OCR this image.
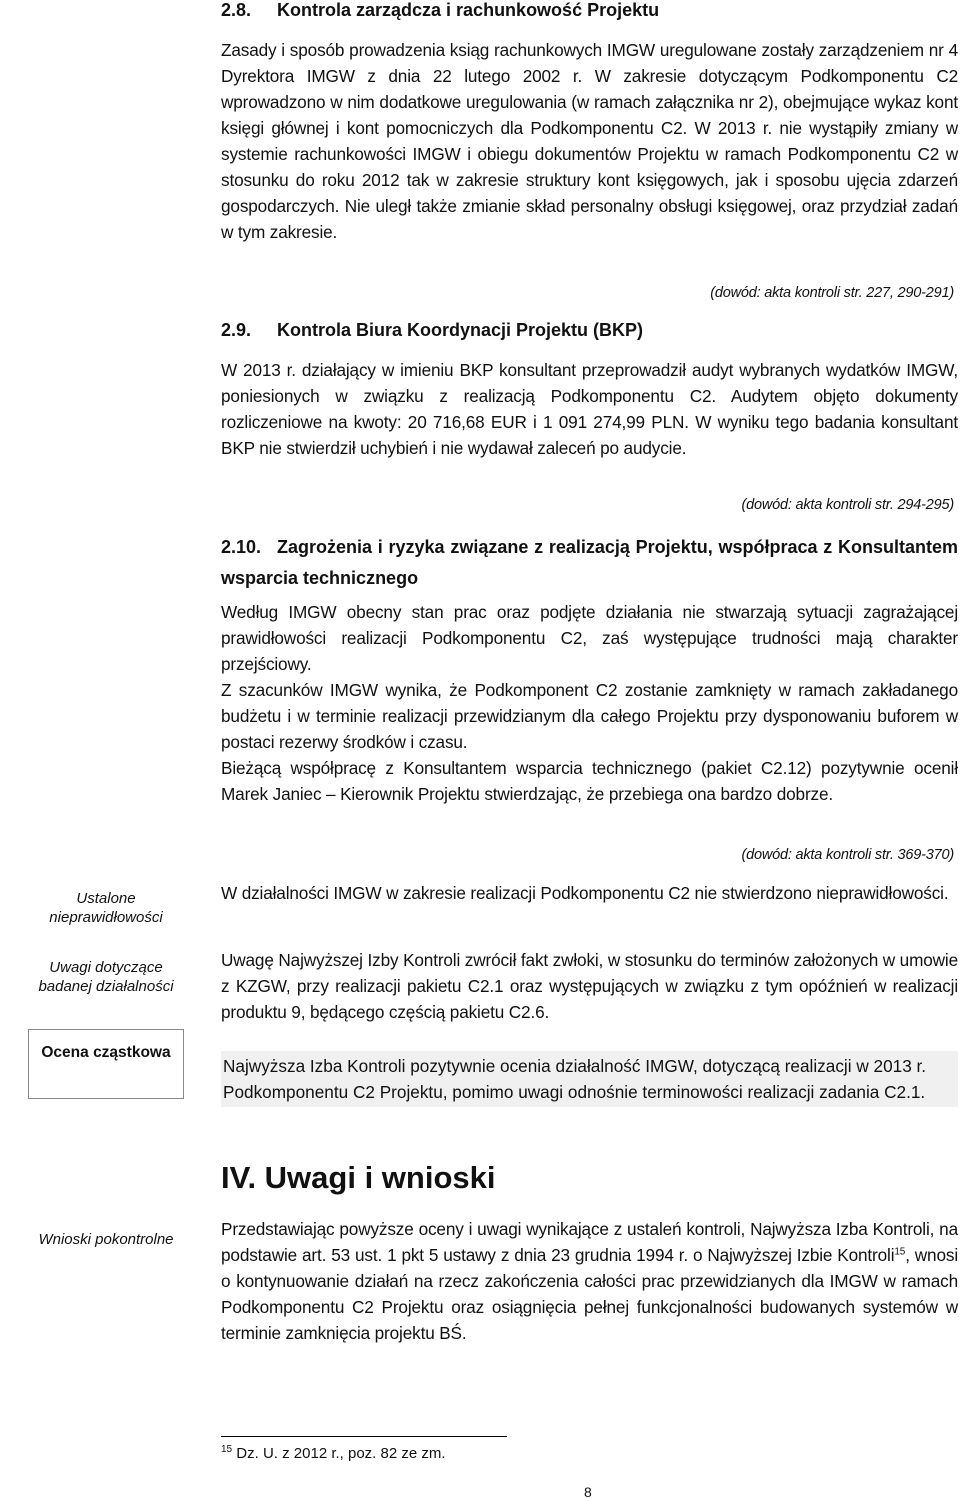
2.8. Kontrola zarządcza i rachunkowość Projektu

Zasady i sposób prowadzenia ksiąg rachunkowych IMGW uregulowane zostały zarządzeniem nr 4 Dyrektora IMGW z dnia 22 lutego 2002 r. W zakresie dotyczącym Podkomponentu C2 wprowadzono w nim dodatkowe uregulowania (w ramach załącznika nr 2), obejmujące wykaz kont księgi głównej i kont pomocniczych dla Podkomponentu C2. W 2013 r. nie wystąpiły zmiany w systemie rachunkowości IMGW i obiegu dokumentów Projektu w ramach Podkomponentu C2 w stosunku do roku 2012 tak w zakresie struktury kont księgowych, jak i sposobu ujęcia zdarzeń gospodarczych. Nie uległ także zmianie skład personalny obsługi księgowej, oraz przydział zadań w tym zakresie.

(dowód: akta kontroli str. 227, 290-291)
2.9. Kontrola Biura Koordynacji Projektu (BKP)

W 2013 r. działający w imieniu BKP konsultant przeprowadził audyt wybranych wydatków IMGW, poniesionych w związku z realizacją Podkomponentu C2. Audytem objęto dokumenty rozliczeniowe na kwoty: 20 716,68 EUR i 1 091 274,99 PLN. W wyniku tego badania konsultant BKP nie stwierdził uchybień i nie wydawał zaleceń po audycie.

(dowód: akta kontroli str. 294-295)
2.10. Zagrożenia i ryzyka związane z realizacją Projektu, współpraca z Konsultantem wsparcia technicznego

Według IMGW obecny stan prac oraz podjęte działania nie stwarzają sytuacji zagrażającej prawidłowości realizacji Podkomponentu C2, zaś występujące trudności mają charakter przejściowy.

Z szacunków IMGW wynika, że Podkomponent C2 zostanie zamknięty w ramach zakładanego budżetu i w terminie realizacji przewidzianym dla całego Projektu przy dysponowaniu buforem w postaci rezerwy środków i czasu.

Bieżącą współpracę z Konsultantem wsparcia technicznego (pakiet C2.12) pozytywnie ocenił Marek Janiec – Kierownik Projektu stwierdzając, że przebiega ona bardzo dobrze.

(dowód: akta kontroli str. 369-370)

W działalności IMGW w zakresie realizacji Podkomponentu C2 nie stwierdzono nieprawidłowości.

Ustalone nieprawidłowości

Uwagę Najwyższej Izby Kontroli zwrócił fakt zwłoki, w stosunku do terminów założonych w umowie z KZGW, przy realizacji pakietu C2.1 oraz występujących w związku z tym opóźnień w realizacji produktu 9, będącego częścią pakietu C2.6.

Uwagi dotyczące badanej działalności
Najwyższa Izba Kontroli pozytywnie ocenia działalność IMGW, dotyczącą realizacji w 2013 r. Podkomponentu C2 Projektu, pomimo uwagi odnośnie terminowości realizacji zadania C2.1.
Ocena cząstkowa
IV. Uwagi i wnioski

Przedstawiając powyższe oceny i uwagi wynikające z ustaleń kontroli, Najwyższa Izba Kontroli, na podstawie art. 53 ust. 1 pkt 5 ustawy z dnia 23 grudnia 1994 r. o Najwyższej Izbie Kontroli$^{15}$, wnosi o kontynuowanie działań na rzecz zakończenia całości prac przewidzianych dla IMGW w ramach Podkomponentu C2 Projektu oraz osiągnięcia pełnej funkcjonalności budowanych systemów w terminie zamknięcia projektu BŚ.

Wnioski pokontrolne
$^{15}$ Dz. U. z 2012 r., poz. 82 ze zm.
8
